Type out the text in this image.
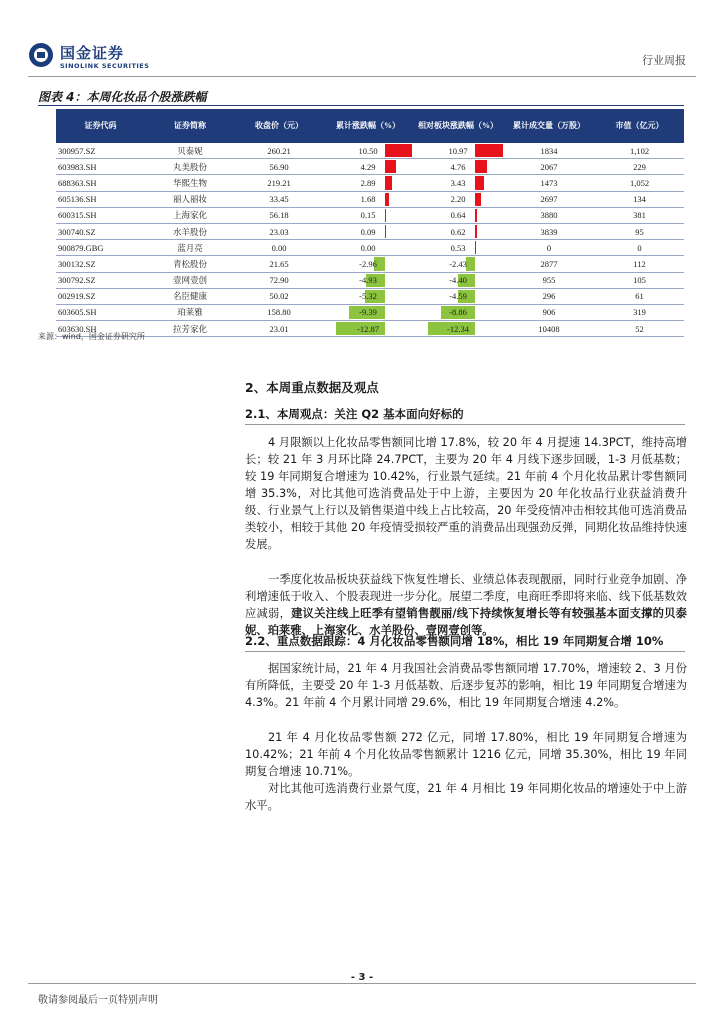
国金证券
SINOLINK SECURITIES	行业周报
图表 4：本周化妆品个股涨跌幅
证券代码	证券简称	收盘价（元）	累计涨跌幅（%）	相对板块涨跌幅（%）	累计成交量（万股）	市值（亿元）
300957.SZ	贝泰妮	260.21	10.50	10.97	1834	1,102
603983.SH	丸美股份	56.90	4.29	4.76	2067	229
688363.SH	华熙生物	219.21	2.89	3.43	1473	1,052
605136.SH	丽人丽妆	33.45	1.68	2.20	2697	134
600315.SH	上海家化	56.18	0.15	0.64	3880	381
300740.SZ	水羊股份	23.03	0.09	0.62	3839	95
900879.GBG	蓝月亮	0.00	0.00	0.53	0	0
300132.SZ	青松股份	21.65	-2.96	-2.43	2877	112
300792.SZ	壹网壹创	72.90	-4.93	-4.40	955	105
002919.SZ	名臣健康	50.02	-5.32	-4.59	296	61
603605.SH	珀莱雅	158.80	-9.39	-8.86	906	319
603630.SH	拉芳家化	23.01	-12.87	-12.34	10408	52
来源：wind，国金证券研究所
2、本周重点数据及观点
2.1、本周观点：关注 Q2 基本面向好标的
4 月限额以上化妆品零售额同比增 17.8%，较 20 年 4 月提速 14.3PCT，维持高增长；较 21 年 3 月环比降 24.7PCT，主要为 20 年 4 月线下逐步回暖，1-3 月低基数；较 19 年同期复合增速为 10.42%，行业景气延续。21 年前 4 个月化妆品累计零售额同增 35.3%，对比其他可选消费品处于中上游，主要因为 20 年化妆品行业获益消费升级、行业景气上行以及销售渠道中线上占比较高，20 年受疫情冲击相较其他可选消费品类较小，相较于其他 20 年疫情受损较严重的消费品出现强劲反弹，同期化妆品维持快速发展。
一季度化妆品板块获益线下恢复性增长、业绩总体表现靓丽，同时行业竞争加剧、净利增速低于收入、个股表现进一步分化。展望二季度，电商旺季即将来临、线下低基数效应减弱，建议关注线上旺季有望销售靓丽/线下持续恢复增长等有较强基本面支撑的贝泰妮、珀莱雅、上海家化、水羊股份、壹网壹创等。
2.2、重点数据跟踪：4 月化妆品零售额同增 18%，相比 19 年同期复合增 10%
据国家统计局，21 年 4 月我国社会消费品零售额同增 17.70%，增速较 2、3 月份有所降低，主要受 20 年 1-3 月低基数、后逐步复苏的影响，相比 19 年同期复合增速为 4.3%。21 年前 4 个月累计同增 29.6%，相比 19 年同期复合增速 4.2%。
21 年 4 月化妆品零售额 272 亿元，同增 17.80%，相比 19 年同期复合增速为 10.42%；21 年前 4 个月化妆品零售额累计 1216 亿元，同增 35.30%，相比 19 年同期复合增速 10.71%。
对比其他可选消费行业景气度，21 年 4 月相比 19 年同期化妆品的增速处于中上游水平。
- 3 -
敬请参阅最后一页特别声明
